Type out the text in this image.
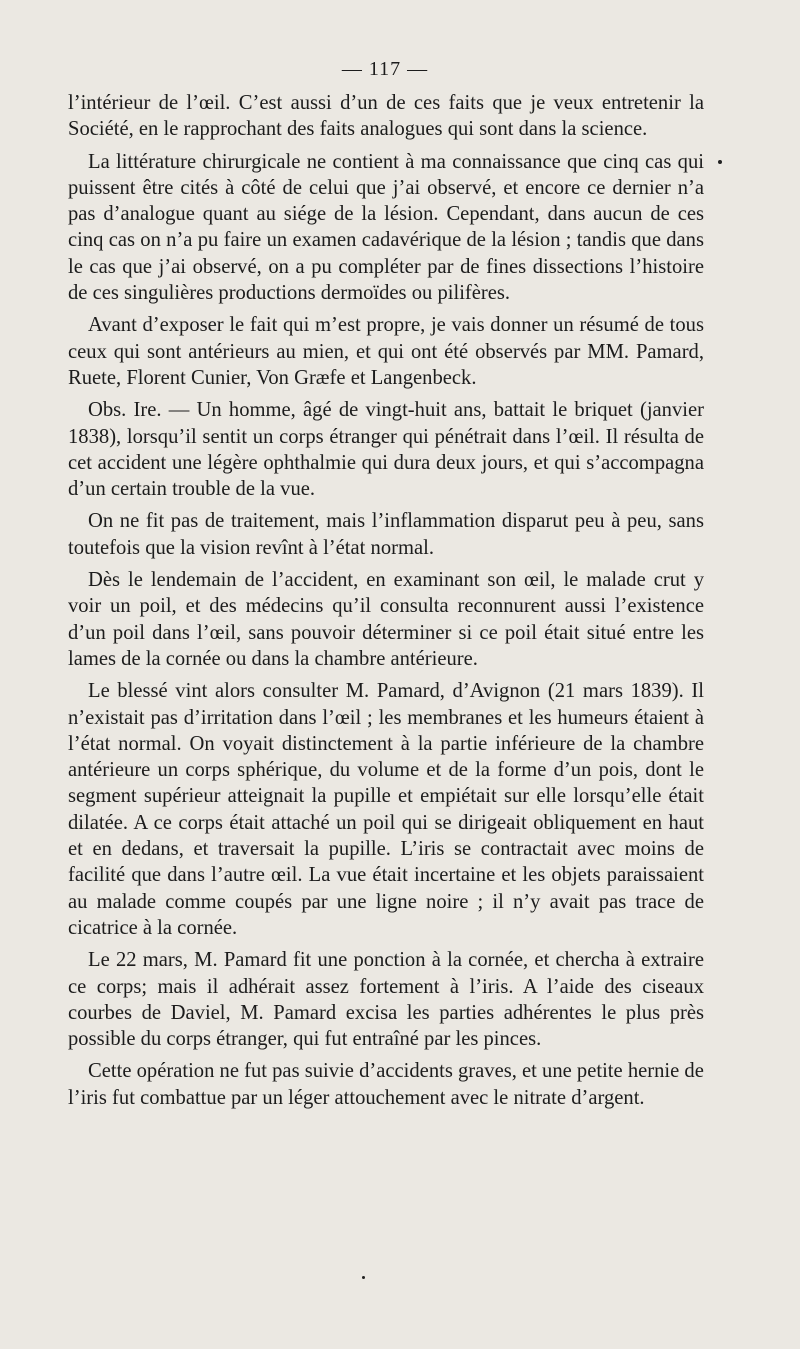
— 117 —

l’intérieur de l’œil. C’est aussi d’un de ces faits que je veux entretenir la Société, en le rapprochant des faits analogues qui sont dans la science.

La littérature chirurgicale ne contient à ma connaissance que cinq cas qui puissent être cités à côté de celui que j’ai observé, et encore ce dernier n’a pas d’analogue quant au siége de la lésion. Cependant, dans aucun de ces cinq cas on n’a pu faire un examen cadavérique de la lésion ; tandis que dans le cas que j’ai observé, on a pu compléter par de fines dissections l’histoire de ces singulières productions dermoïdes ou pilifères.

Avant d’exposer le fait qui m’est propre, je vais donner un résumé de tous ceux qui sont antérieurs au mien, et qui ont été observés par MM. Pamard, Ruete, Florent Cunier, Von Græfe et Langenbeck.

Obs. Ire. — Un homme, âgé de vingt-huit ans, battait le briquet (janvier 1838), lorsqu’il sentit un corps étranger qui pénétrait dans l’œil. Il résulta de cet accident une légère ophthalmie qui dura deux jours, et qui s’accompagna d’un certain trouble de la vue.

On ne fit pas de traitement, mais l’inflammation disparut peu à peu, sans toutefois que la vision revînt à l’état normal.

Dès le lendemain de l’accident, en examinant son œil, le malade crut y voir un poil, et des médecins qu’il consulta reconnurent aussi l’existence d’un poil dans l’œil, sans pouvoir déterminer si ce poil était situé entre les lames de la cornée ou dans la chambre antérieure.

Le blessé vint alors consulter M. Pamard, d’Avignon (21 mars 1839). Il n’existait pas d’irritation dans l’œil ; les membranes et les humeurs étaient à l’état normal. On voyait distinctement à la partie inférieure de la chambre antérieure un corps sphérique, du volume et de la forme d’un pois, dont le segment supérieur atteignait la pupille et empiétait sur elle lorsqu’elle était dilatée. A ce corps était attaché un poil qui se dirigeait obliquement en haut et en dedans, et traversait la pupille. L’iris se contractait avec moins de facilité que dans l’autre œil. La vue était incertaine et les objets paraissaient au malade comme coupés par une ligne noire ; il n’y avait pas trace de cicatrice à la cornée.

Le 22 mars, M. Pamard fit une ponction à la cornée, et chercha à extraire ce corps; mais il adhérait assez fortement à l’iris. A l’aide des ciseaux courbes de Daviel, M. Pamard excisa les parties adhérentes le plus près possible du corps étranger, qui fut entraîné par les pinces.

Cette opération ne fut pas suivie d’accidents graves, et une petite hernie de l’iris fut combattue par un léger attouchement avec le nitrate d’argent.
